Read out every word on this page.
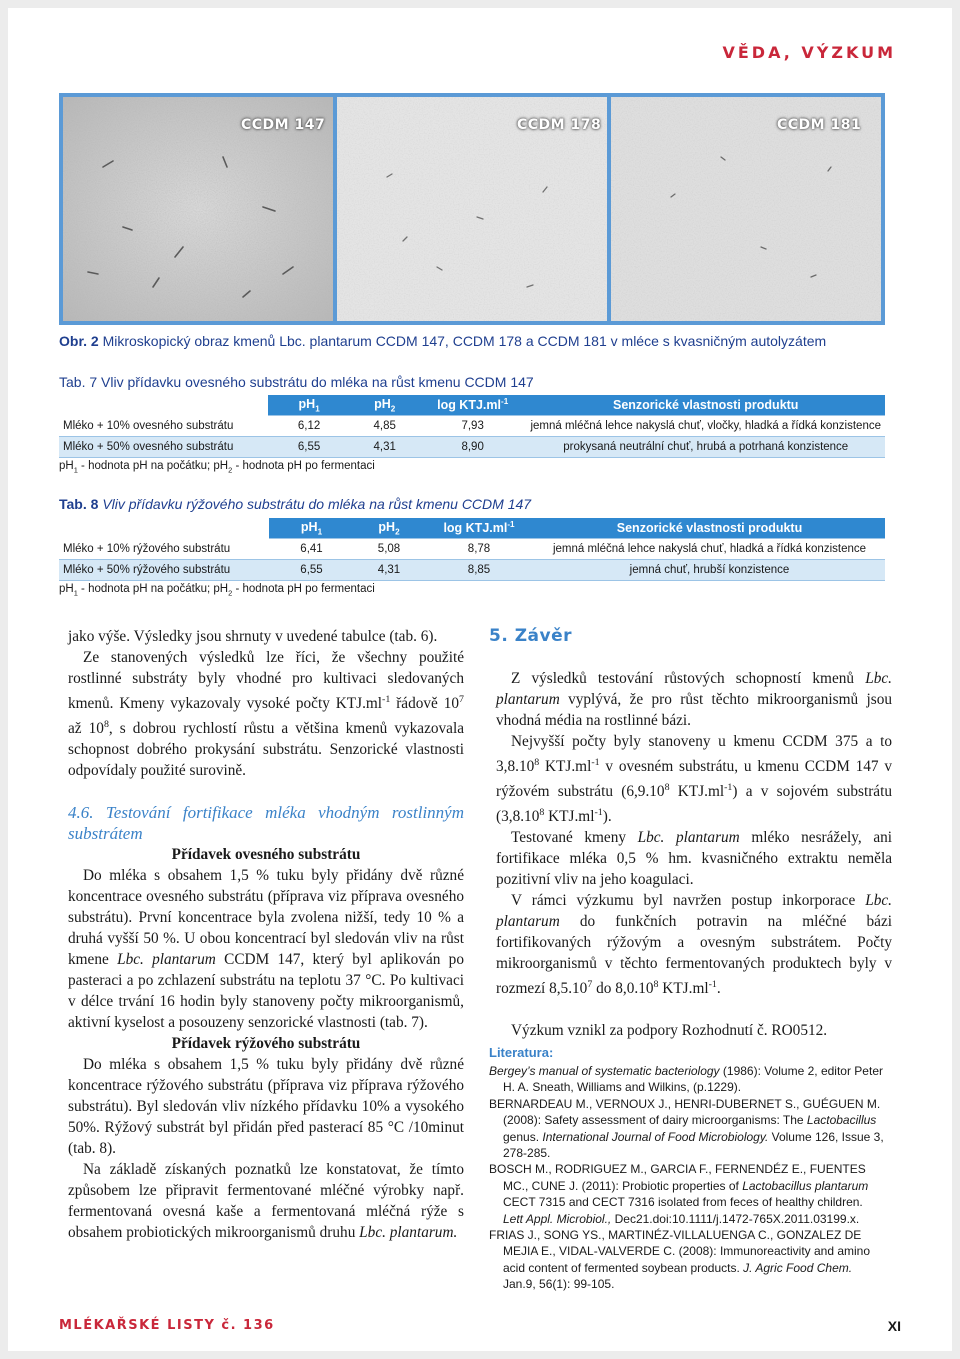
VĚDA, VÝZKUM
CCDM 147	CCDM 178	CCDM 181
Obr. 2 Mikroskopický obraz kmenů Lbc. plantarum CCDM 147, CCDM 178 a CCDM 181 v mléce s kvasničným autolyzátem
Tab. 7 Vliv přídavku ovesného substrátu do mléka na růst kmenu CCDM 147
	$pH_1$	$pH_2$	$\log KTJ.ml^{-1}$	Senzorické vlastnosti produktu
Mléko + 10% ovesného substrátu	6,12	4,85	7,93	jemná mléčná lehce nakyslá chuť, vločky, hladká a řídká konzistence
Mléko + 50% ovesného substrátu	6,55	4,31	8,90	prokysaná neutrální chuť, hrubá a potrhaná konzistence
$pH_1$ - hodnota pH na počátku; $pH_2$ - hodnota pH po fermentaci
Tab. 8 Vliv přídavku rýžového substrátu do mléka na růst kmenu CCDM 147
	$pH_1$	$pH_2$	$\log KTJ.ml^{-1}$	Senzorické vlastnosti produktu
Mléko + 10% rýžového substrátu	6,41	5,08	8,78	jemná mléčná lehce nakyslá chuť, hladká a řídká konzistence
Mléko + 50% rýžového substrátu	6,55	4,31	8,85	jemná chuť, hrubší konzistence
$pH_1$ - hodnota pH na počátku; $pH_2$ - hodnota pH po fermentaci

jako výše. Výsledky jsou shrnuty v uvedené tabulce (tab. 6).

Ze stanovených výsledků lze říci, že všechny použité rostlinné substráty byly vhodné pro kultivaci sledovaných kmenů. Kmeny vykazovaly vysoké počty $KTJ.ml^{-1}$ řádově $10^7$ až $10^8$, s dobrou rychlostí růstu a většina kmenů vykazovala schopnost dobrého prokysání substrátu. Senzorické vlastnosti odpovídaly použité surovině.

4.6. Testování fortifikace mléka vhodným rostlinným substrátem

Přídavek ovesného substrátu

Do mléka s obsahem 1,5 % tuku byly přidány dvě různé koncentrace ovesného substrátu (příprava viz příprava ovesného substrátu). První koncentrace byla zvolena nižší, tedy 10 % a druhá vyšší 50 %. U obou koncentrací byl sledován vliv na růst kmene Lbc. plantarum CCDM 147, který byl aplikován po pasteraci a po zchlazení substrátu na teplotu 37 °C. Po kultivaci v délce trvání 16 hodin byly stanoveny počty mikroorganismů, aktivní kyselost a posouzeny senzorické vlastnosti (tab. 7).

Přídavek rýžového substrátu

Do mléka s obsahem 1,5 % tuku byly přidány dvě různé koncentrace rýžového substrátu (příprava viz příprava rýžového substrátu). Byl sledován vliv nízkého přídavku 10% a vysokého 50%. Rýžový substrát byl přidán před pasterací 85 °C /10minut (tab. 8).

Na základě získaných poznatků lze konstatovat, že tímto způsobem lze připravit fermentované mléčné výrobky např. fermentovaná ovesná kaše a fermentovaná mléčná rýže s obsahem probiotických mikroorganismů druhu Lbc. plantarum.

5. Závěr

Z výsledků testování růstových schopností kmenů Lbc. plantarum vyplývá, že pro růst těchto mikroorganismů jsou vhodná média na rostlinné bázi.

Nejvyšší počty byly stanoveny u kmenu CCDM 375 a to 3,8.10$^8$ $KTJ.ml^{-1}$ v ovesném substrátu, u kmenu CCDM 147 v rýžovém substrátu (6,9.10$^8$ $KTJ.ml^{-1}$) a v sojovém substrátu (3,8.10$^8$ $KTJ.ml^{-1}$).

Testované kmeny Lbc. plantarum mléko nesrážely, ani fortifikace mléka 0,5 % hm. kvasničného extraktu neměla pozitivní vliv na jeho koagulaci.

V rámci výzkumu byl navržen postup inkorporace Lbc. plantarum do funkčních potravin na mléčné bázi fortifikovaných rýžovým a ovesným substrátem. Počty mikroorganismů v těchto fermentovaných produktech byly v rozmezí 8,5.10$^7$ do 8,0.10$^8$ $KTJ.ml^{-1}$.

Výzkum vznikl za podpory Rozhodnutí č. RO0512.

Literatura:

Bergey’s manual of systematic bacteriology (1986): Volume 2, editor Peter H. A. Sneath, Williams and Wilkins, (p.1229).

BERNARDEAU M., VERNOUX J., HENRI-DUBERNET S., GUÉGUEN M. (2008): Safety assessment of dairy microorganisms: The Lactobacillus genus. International Journal of Food Microbiology. Volume 126, Issue 3, 278-285.

BOSCH M., RODRIGUEZ M., GARCIA F., FERNENDÉZ E., FUENTES MC., CUNE J. (2011): Probiotic properties of Lactobacillus plantarum CECT 7315 and CECT 7316 isolated from feces of healthy children. Lett Appl. Microbiol., Dec21.doi:10.1111/j.1472-765X.2011.03199.x.

FRIAS J., SONG YS., MARTINÉZ-VILLALUENGA C., GONZALEZ DE MEJIA E., VIDAL-VALVERDE C. (2008): Immunoreactivity and amino acid content of fermented soybean products. J. Agric Food Chem. Jan.9, 56(1): 99-105.

MLÉKAŘSKÉ LISTY č. 136	XI
